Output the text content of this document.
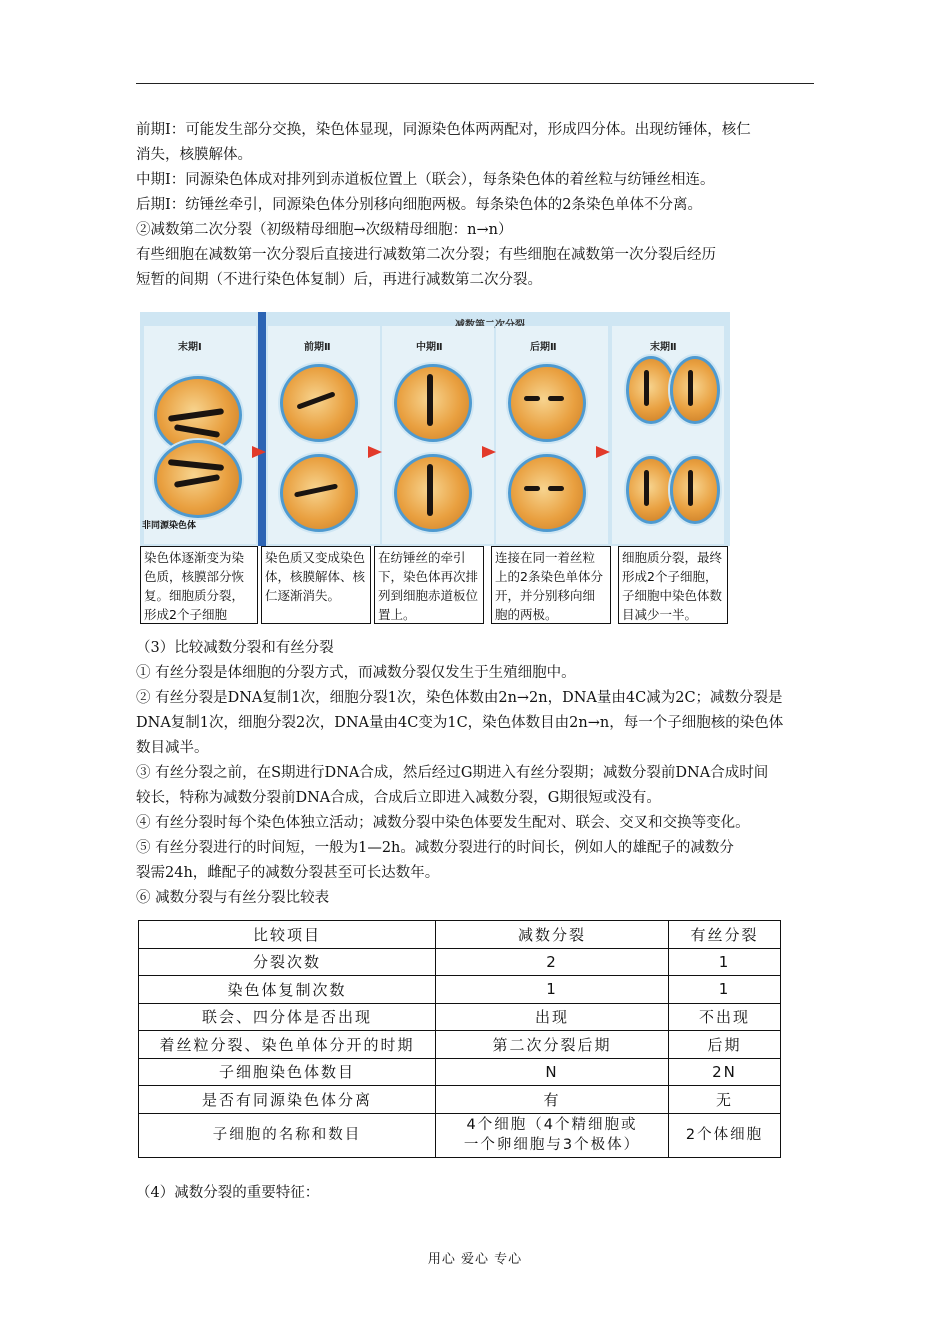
前期Ⅰ：可能发生部分交换，染色体显现，同源染色体两两配对，形成四分体。出现纺锤体，核仁

消失，核膜解体。

中期Ⅰ：同源染色体成对排列到赤道板位置上（联会），每条染色体的着丝粒与纺锤丝相连。

后期Ⅰ：纺锤丝牵引，同源染色体分别移向细胞两极。每条染色体的2条染色单体不分离。

②减数第二次分裂（初级精母细胞→次级精母细胞：n→n）

有些细胞在减数第一次分裂后直接进行减数第二次分裂；有些细胞在减数第一次分裂后经历

短暂的间期（不进行染色体复制）后，再进行减数第二次分裂。

末期Ⅰ	前期Ⅱ	中期Ⅱ	后期Ⅱ	末期Ⅱ
非同源染色体
染色体逐渐变为染色质，核膜部分恢复。细胞质分裂，形成2个子细胞
染色质又变成染色体，核膜解体、核仁逐渐消失。
在纺锤丝的牵引下，染色体再次排列到细胞赤道板位置上。
连接在同一着丝粒上的2条染色单体分开，并分别移向细胞的两极。
细胞质分裂，最终形成2个子细胞，子细胞中染色体数目减少一半。

（3）比较减数分裂和有丝分裂

① 有丝分裂是体细胞的分裂方式，而减数分裂仅发生于生殖细胞中。

② 有丝分裂是DNA复制1次，细胞分裂1次，染色体数由2n→2n，DNA量由4C减为2C；减数分裂是

DNA复制1次，细胞分裂2次，DNA量由4C变为1C，染色体数目由2n→n，每一个子细胞核的染色体

数目减半。

③ 有丝分裂之前，在S期进行DNA合成，然后经过G期进入有丝分裂期；减数分裂前DNA合成时间

较长，特称为减数分裂前DNA合成，合成后立即进入减数分裂，G期很短或没有。

④ 有丝分裂时每个染色体独立活动；减数分裂中染色体要发生配对、联会、交叉和交换等变化。

⑤ 有丝分裂进行的时间短，一般为1—2h。减数分裂进行的时间长，例如人的雄配子的减数分

裂需24h，雌配子的减数分裂甚至可长达数年。

⑥ 减数分裂与有丝分裂比较表

比较项目	减数分裂	有丝分裂
分裂次数	2	1
染色体复制次数	1	1
联会、四分体是否出现	出现	不出现
着丝粒分裂、染色单体分开的时期	第二次分裂后期	后期
子细胞染色体数目	N	2N
是否有同源染色体分离	有	无
子细胞的名称和数目	4个细胞（4个精细胞或
一个卵细胞与3个极体）	2个体细胞

（4）减数分裂的重要特征：

用心 爱心 专心
